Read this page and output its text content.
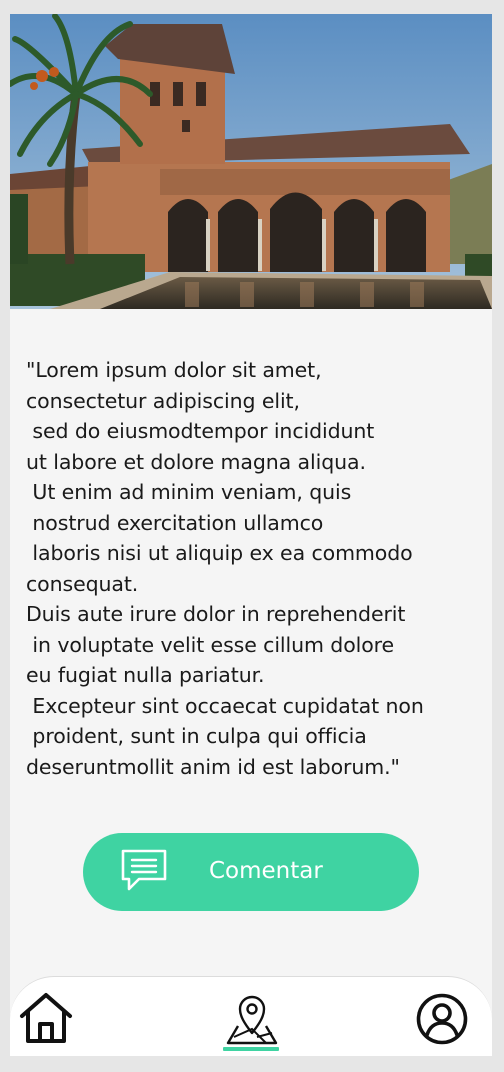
"Lorem ipsum dolor sit amet,
consectetur adipiscing elit,
sed do eiusmodtempor incididunt
ut labore et dolore magna aliqua.
Ut enim ad minim veniam, quis
nostrud exercitation ullamco
laboris nisi ut aliquip ex ea commodo
consequat.
Duis aute irure dolor in reprehenderit
in voluptate velit esse cillum dolore
eu fugiat nulla pariatur.
Excepteur sint occaecat cupidatat non
proident, sunt in culpa qui officia
deseruntmollit anim id est laborum."

Comentar
